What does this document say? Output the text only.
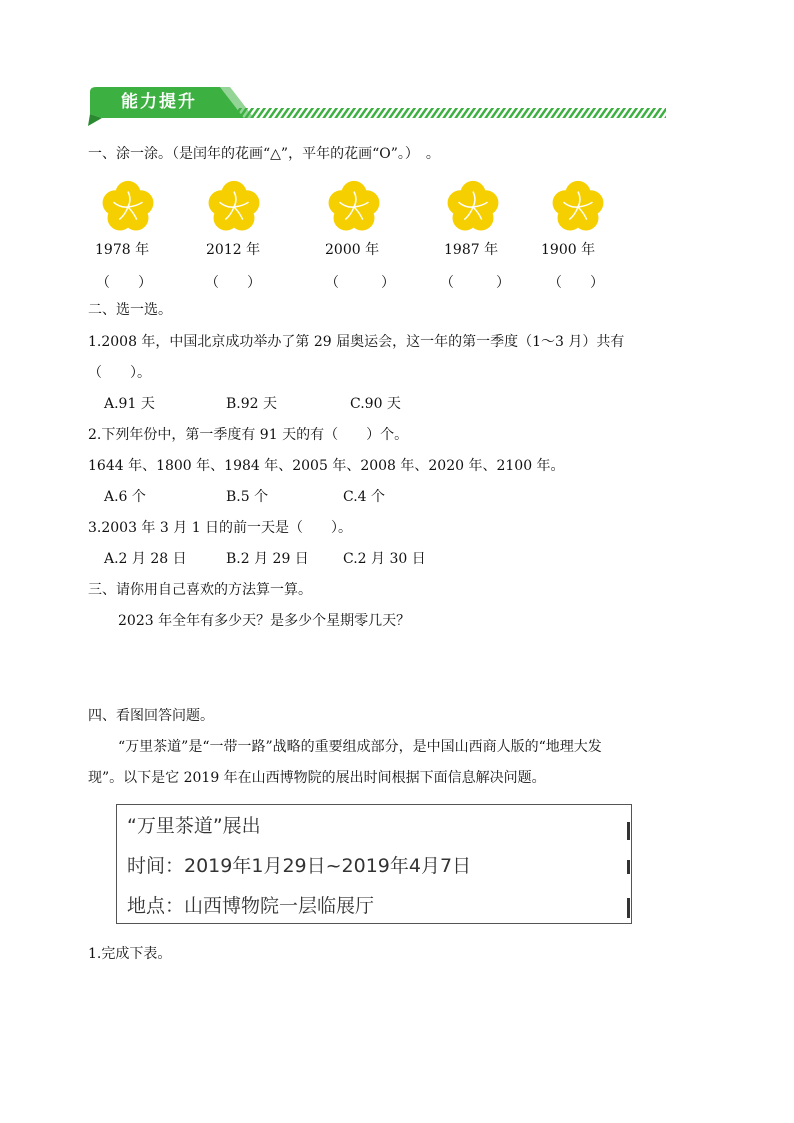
能力提升
一、涂一涂。（是闰年的花画“△”，平年的花画“O”。）　。
1978 年	2012 年	2000 年	1987 年	1900 年
（　　）	（　　）	（　　　）	（　　　）	（　　）
二、选一选。
1.2008 年，中国北京成功举办了第 29 届奥运会，这一年的第一季度（1～3 月）共有
（　　）。
A.91 天	B.92 天	C.90 天
2.下列年份中，第一季度有 91 天的有（　　）个。
1644 年、1800 年、1984 年、2005 年、2008 年、2020 年、2100 年。
A.6 个	B.5 个	C.4 个
3.2003 年 3 月 1 日的前一天是（　　）。
A.2 月 28 日	B.2 月 29 日 C.2 月 30 日
三、请你用自己喜欢的方法算一算。
2023 年全年有多少天？是多少个星期零几天？
四、看图回答问题。
“万里茶道”是“一带一路”战略的重要组成部分，是中国山西商人版的“地理大发
现”。以下是它 2019 年在山西博物院的展出时间根据下面信息解决问题。
“万里茶道”展出
时间：2019年1月29日~2019年4月7日
地点：山西博物院一层临展厅
1.完成下表。
